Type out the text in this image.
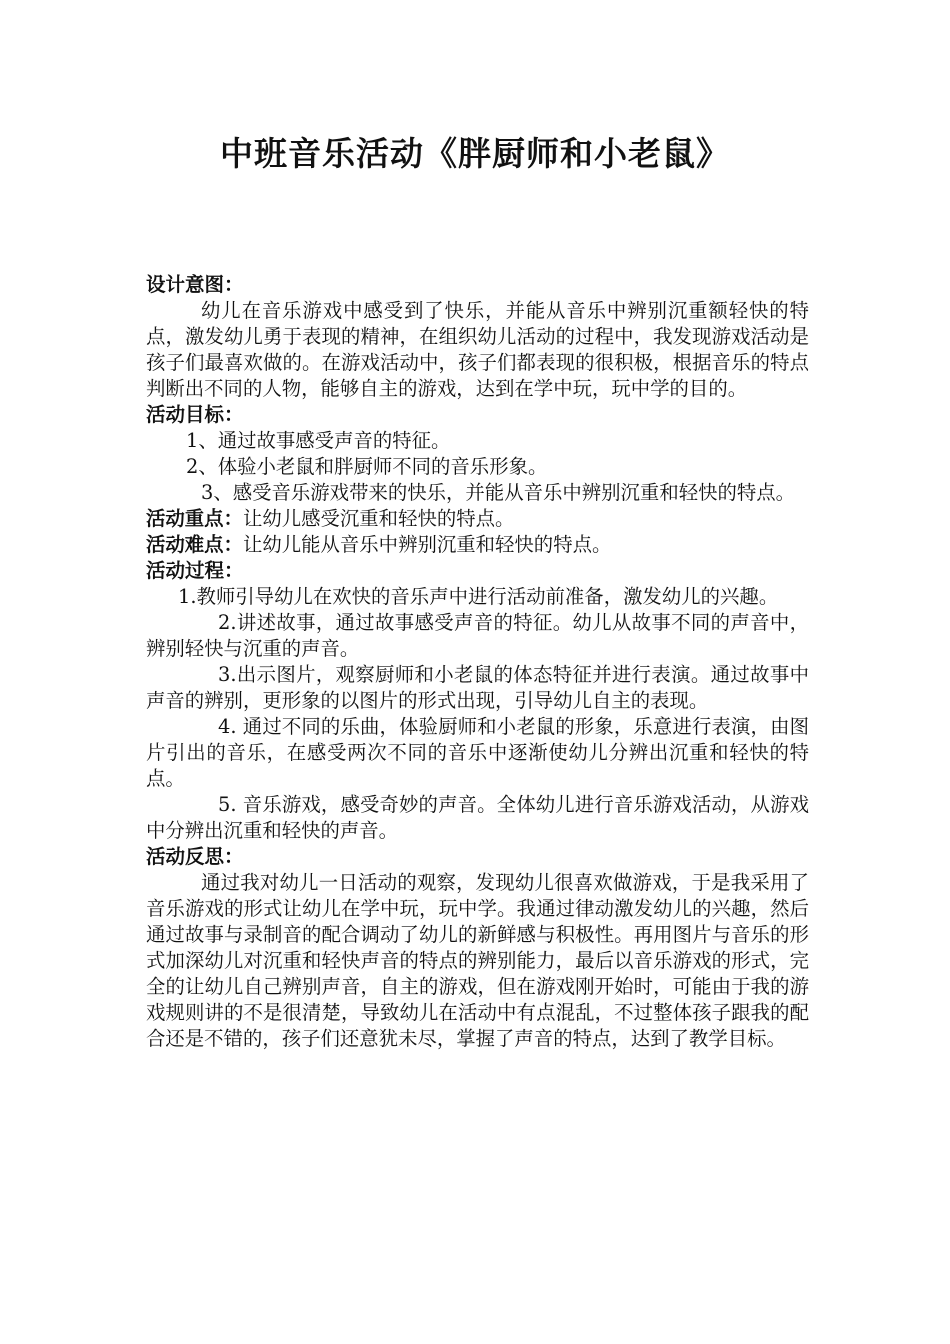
中班音乐活动《胖厨师和小老鼠》

设计意图：

幼儿在音乐游戏中感受到了快乐，并能从音乐中辨别沉重额轻快的特点，激发幼儿勇于表现的精神，在组织幼儿活动的过程中，我发现游戏活动是孩子们最喜欢做的。在游戏活动中，孩子们都表现的很积极，根据音乐的特点判断出不同的人物，能够自主的游戏，达到在学中玩，玩中学的目的。

活动目标：

1、通过故事感受声音的特征。

2、体验小老鼠和胖厨师不同的音乐形象。

3、感受音乐游戏带来的快乐，并能从音乐中辨别沉重和轻快的特点。

活动重点：让幼儿感受沉重和轻快的特点。

活动难点：让幼儿能从音乐中辨别沉重和轻快的特点。

活动过程：

1.教师引导幼儿在欢快的音乐声中进行活动前准备，激发幼儿的兴趣。

2.讲述故事，通过故事感受声音的特征。幼儿从故事不同的声音中，辨别轻快与沉重的声音。

3.出示图片，观察厨师和小老鼠的体态特征并进行表演。通过故事中声音的辨别，更形象的以图片的形式出现，引导幼儿自主的表现。

4. 通过不同的乐曲，体验厨师和小老鼠的形象，乐意进行表演，由图片引出的音乐，在感受两次不同的音乐中逐渐使幼儿分辨出沉重和轻快的特点。

5. 音乐游戏，感受奇妙的声音。全体幼儿进行音乐游戏活动，从游戏中分辨出沉重和轻快的声音。

活动反思：

通过我对幼儿一日活动的观察，发现幼儿很喜欢做游戏，于是我采用了音乐游戏的形式让幼儿在学中玩，玩中学。我通过律动激发幼儿的兴趣，然后通过故事与录制音的配合调动了幼儿的新鲜感与积极性。再用图片与音乐的形式加深幼儿对沉重和轻快声音的特点的辨别能力，最后以音乐游戏的形式，完全的让幼儿自己辨别声音，自主的游戏，但在游戏刚开始时，可能由于我的游戏规则讲的不是很清楚，导致幼儿在活动中有点混乱，不过整体孩子跟我的配合还是不错的，孩子们还意犹未尽，掌握了声音的特点，达到了教学目标。
